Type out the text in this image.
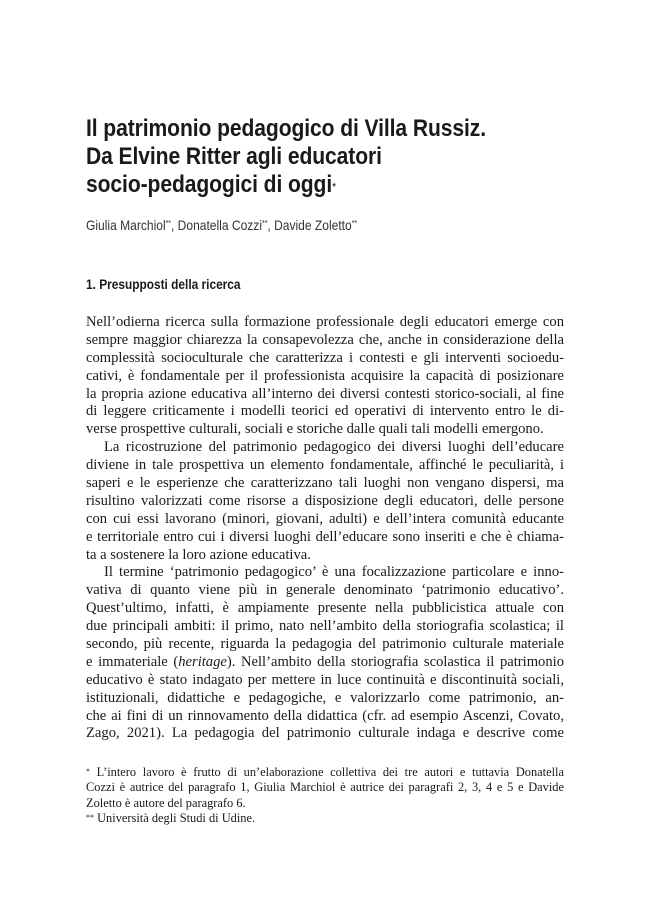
Il patrimonio pedagogico di Villa Russiz.
Da Elvine Ritter agli educatori
socio-pedagogici di oggi*
Giulia Marchiol**, Donatella Cozzi**, Davide Zoletto**
1. Presupposti della ricerca
Nell’odierna ricerca sulla formazione professionale degli educatori emerge con
sempre maggior chiarezza la consapevolezza che, anche in considerazione della
complessità socioculturale che caratterizza i contesti e gli interventi socioedu-
cativi, è fondamentale per il professionista acquisire la capacità di posizionare
la propria azione educativa all’interno dei diversi contesti storico-sociali, al fine
di leggere criticamente i modelli teorici ed operativi di intervento entro le di-
verse prospettive culturali, sociali e storiche dalle quali tali modelli emergono.
La ricostruzione del patrimonio pedagogico dei diversi luoghi dell’educare
diviene in tale prospettiva un elemento fondamentale, affinché le peculiarità, i
saperi e le esperienze che caratterizzano tali luoghi non vengano dispersi, ma
risultino valorizzati come risorse a disposizione degli educatori, delle persone
con cui essi lavorano (minori, giovani, adulti) e dell’intera comunità educante
e territoriale entro cui i diversi luoghi dell’educare sono inseriti e che è chiama-
ta a sostenere la loro azione educativa.
Il termine ‘patrimonio pedagogico’ è una focalizzazione particolare e inno-
vativa di quanto viene più in generale denominato ‘patrimonio educativo’.
Quest’ultimo, infatti, è ampiamente presente nella pubblicistica attuale con
due principali ambiti: il primo, nato nell’ambito della storiografia scolastica; il
secondo, più recente, riguarda la pedagogia del patrimonio culturale materiale
e immateriale (heritage). Nell’ambito della storiografia scolastica il patrimonio
educativo è stato indagato per mettere in luce continuità e discontinuità sociali,
istituzionali, didattiche e pedagogiche, e valorizzarlo come patrimonio, an-
che ai fini di un rinnovamento della didattica (cfr. ad esempio Ascenzi, Covato,
Zago, 2021). La pedagogia del patrimonio culturale indaga e descrive come
* L’intero lavoro è frutto di un’elaborazione collettiva dei tre autori e tuttavia Donatella
Cozzi è autrice del paragrafo 1, Giulia Marchiol è autrice dei paragrafi 2, 3, 4 e 5 e Davide
Zoletto è autore del paragrafo 6.
** Università degli Studi di Udine.
